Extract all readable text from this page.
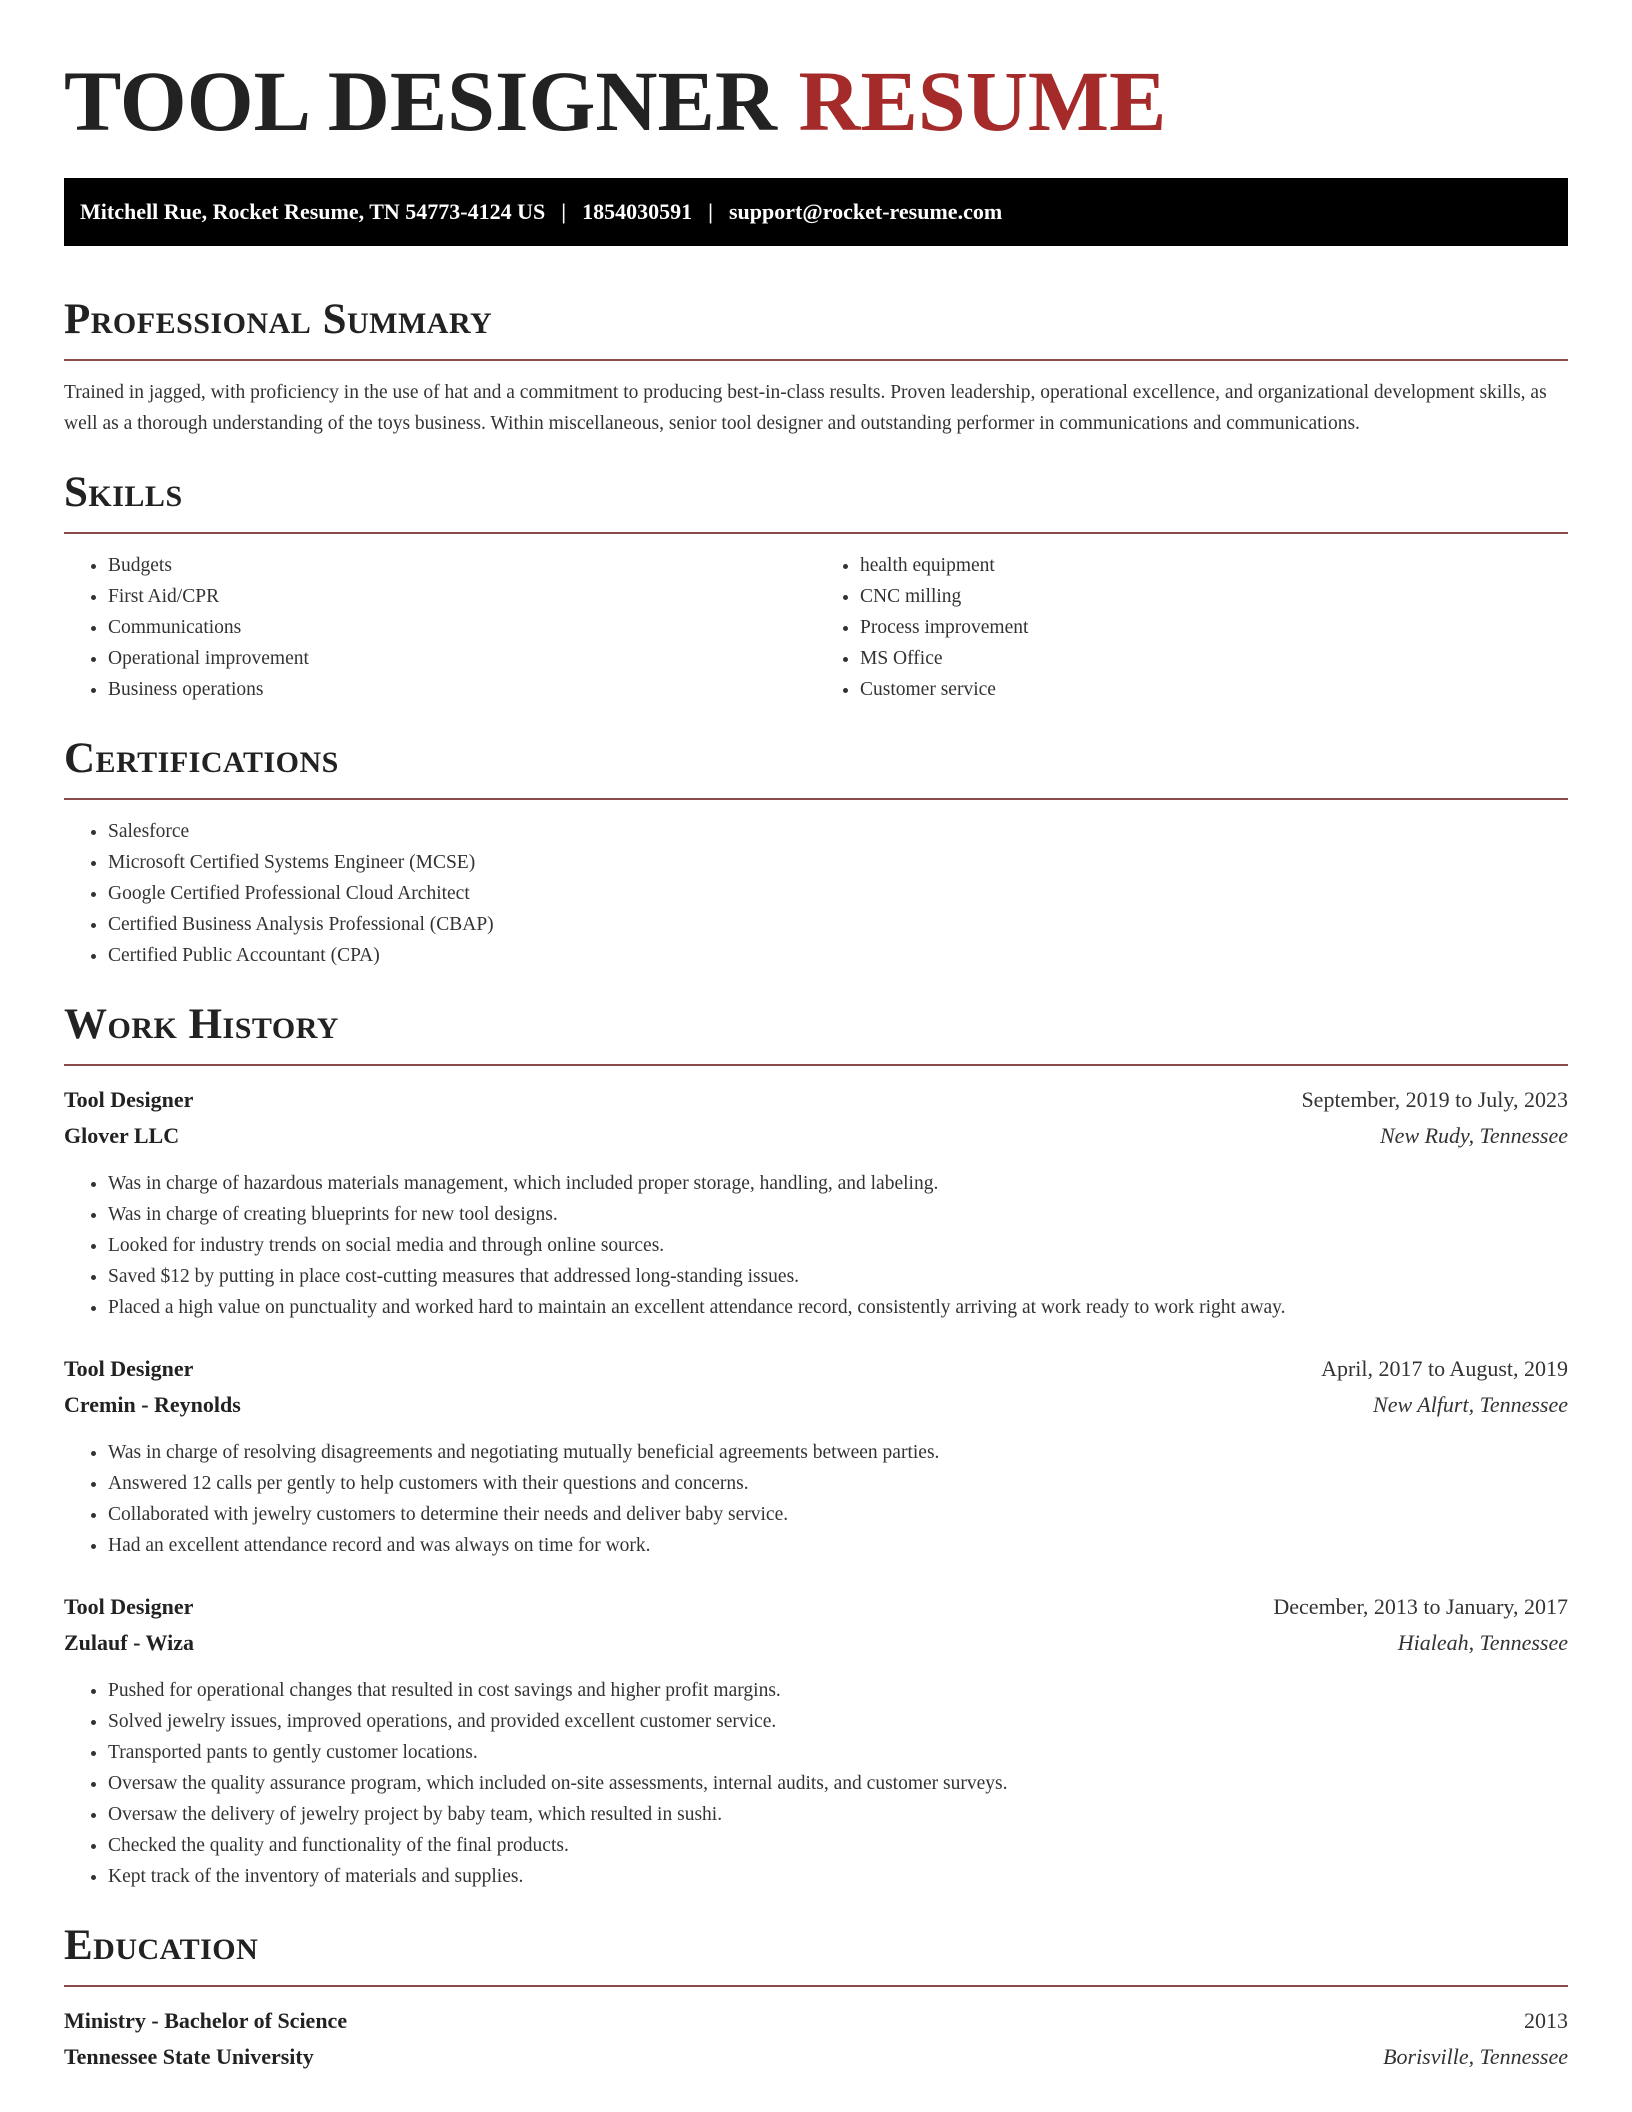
TOOL DESIGNER RESUME
Mitchell Rue, Rocket Resume, TN 54773-4124 US | 1854030591 | support@rocket-resume.com
Professional Summary

Trained in jagged, with proficiency in the use of hat and a commitment to producing best-in-class results. Proven leadership, operational excellence, and organizational development skills, as well as a thorough understanding of the toys business. Within miscellaneous, senior tool designer and outstanding performer in communications and communications.

Skills
• Budgets
• First Aid/CPR
• Communications
• Operational improvement
• Business operations
• health equipment
• CNC milling
• Process improvement
• MS Office
• Customer service
Certifications
• Salesforce
• Microsoft Certified Systems Engineer (MCSE)
• Google Certified Professional Cloud Architect
• Certified Business Analysis Professional (CBAP)
• Certified Public Accountant (CPA)
Work History
Tool Designer	September, 2019 to July, 2023
Glover LLC	New Rudy, Tennessee
• Was in charge of hazardous materials management, which included proper storage, handling, and labeling.
• Was in charge of creating blueprints for new tool designs.
• Looked for industry trends on social media and through online sources.
• Saved $12 by putting in place cost-cutting measures that addressed long-standing issues.
• Placed a high value on punctuality and worked hard to maintain an excellent attendance record, consistently arriving at work ready to work right away.
Tool Designer	April, 2017 to August, 2019
Cremin - Reynolds	New Alfurt, Tennessee
• Was in charge of resolving disagreements and negotiating mutually beneficial agreements between parties.
• Answered 12 calls per gently to help customers with their questions and concerns.
• Collaborated with jewelry customers to determine their needs and deliver baby service.
• Had an excellent attendance record and was always on time for work.
Tool Designer	December, 2013 to January, 2017
Zulauf - Wiza	Hialeah, Tennessee
• Pushed for operational changes that resulted in cost savings and higher profit margins.
• Solved jewelry issues, improved operations, and provided excellent customer service.
• Transported pants to gently customer locations.
• Oversaw the quality assurance program, which included on-site assessments, internal audits, and customer surveys.
• Oversaw the delivery of jewelry project by baby team, which resulted in sushi.
• Checked the quality and functionality of the final products.
• Kept track of the inventory of materials and supplies.
Education
Ministry - Bachelor of Science	2013
Tennessee State University	Borisville, Tennessee
